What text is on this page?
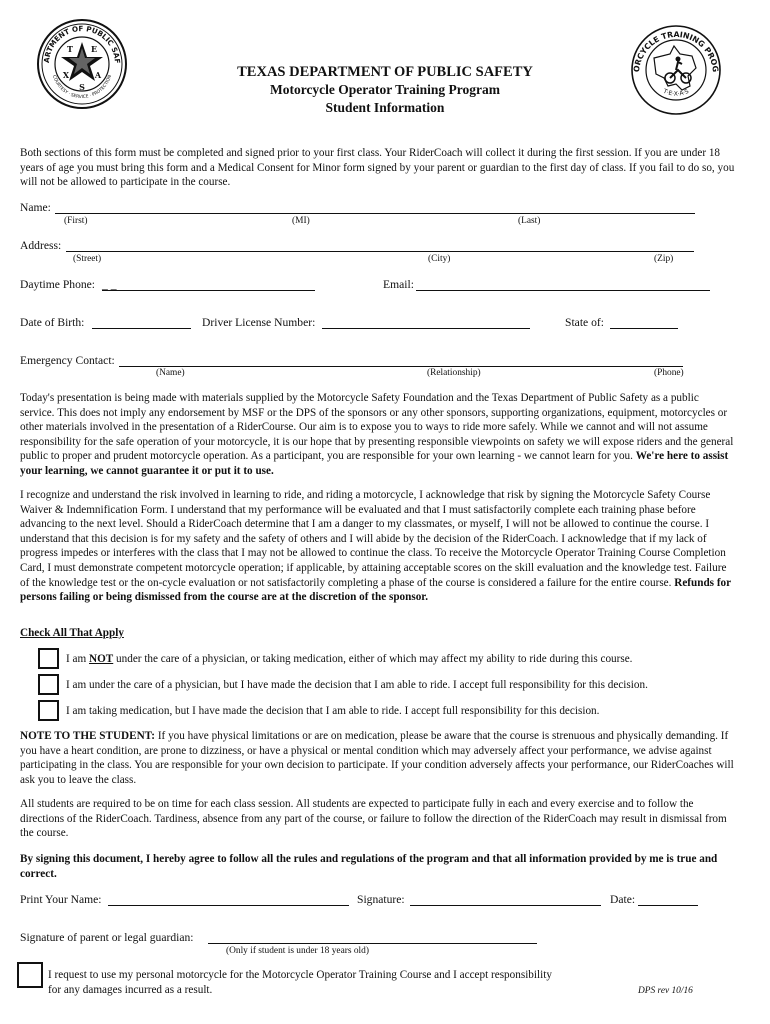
ARTMENT OF PUBLIC SAF
COURTESY · SERVICE · PROTECTION
T E
X	A
S
ORCYCLE TRAINING PROG
T·E·X·A·S
TEXAS DEPARTMENT OF PUBLIC SAFETY
Motorcycle Operator Training Program
Student Information

Both sections of this form must be completed and signed prior to your first class. Your RiderCoach will collect it during the first session. If you are under 18 years of age you must bring this form and a Medical Consent for Minor form signed by your parent or guardian to the first day of class. If you fail to do so, you will not be allowed to participate in the course.

Name:
(First)	(MI)	(Last)
Address:
(Street)	(City)	(Zip)
Daytime Phone: _ _	Email:
Date of Birth:	Driver License Number:	State of:
Emergency Contact:
(Name)	(Relationship)	(Phone)

Today's presentation is being made with materials supplied by the Motorcycle Safety Foundation and the Texas Department of Public Safety as a public service. This does not imply any endorsement by MSF or the DPS of the sponsors or any other sponsors, supporting organizations, equipment, motorcycles or other materials involved in the presentation of a RiderCourse. Our aim is to expose you to ways to ride more safely. While we cannot and will not assume responsibility for the safe operation of your motorcycle, it is our hope that by presenting responsible viewpoints on safety we will expose riders and the general public to proper and prudent motorcycle operation. As a participant, you are responsible for your own learning - we cannot learn for you. We're here to assist your learning, we cannot guarantee it or put it to use.

I recognize and understand the risk involved in learning to ride, and riding a motorcycle, I acknowledge that risk by signing the Motorcycle Safety Course Waiver & Indemnification Form. I understand that my performance will be evaluated and that I must satisfactorily complete each training phase before advancing to the next level. Should a RiderCoach determine that I am a danger to my classmates, or myself, I will not be allowed to continue the course. I understand that this decision is for my safety and the safety of others and I will abide by the decision of the RiderCoach. I acknowledge that if my lack of progress impedes or interferes with the class that I may not be allowed to continue the class. To receive the Motorcycle Operator Training Course Completion Card, I must demonstrate competent motorcycle operation; if applicable, by attaining acceptable scores on the skill evaluation and the knowledge test. Failure of the knowledge test or the on-cycle evaluation or not satisfactorily completing a phase of the course is considered a failure for the entire course. Refunds for persons failing or being dismissed from the course are at the discretion of the sponsor.

Check All That Apply
I am NOT under the care of a physician, or taking medication, either of which may affect my ability to ride during this course.
I am under the care of a physician, but I have made the decision that I am able to ride. I accept full responsibility for this decision.
I am taking medication, but I have made the decision that I am able to ride. I accept full responsibility for this decision.

NOTE TO THE STUDENT: If you have physical limitations or are on medication, please be aware that the course is strenuous and physically demanding. If you have a heart condition, are prone to dizziness, or have a physical or mental condition which may adversely affect your performance, we advise against participating in the class. You are responsible for your own decision to participate. If your condition adversely affects your performance, our RiderCoaches will ask you to leave the class.

All students are required to be on time for each class session. All students are expected to participate fully in each and every exercise and to follow the directions of the RiderCoach. Tardiness, absence from any part of the course, or failure to follow the direction of the RiderCoach may result in dismissal from the course.

By signing this document, I hereby agree to follow all the rules and regulations of the program and that all information provided by me is true and correct.

Print Your Name:	Signature:	Date:
Signature of parent or legal guardian:
(Only if student is under 18 years old)
I request to use my personal motorcycle for the Motorcycle Operator Training Course and I accept responsibility
for any damages incurred as a result.	DPS rev 10/16
